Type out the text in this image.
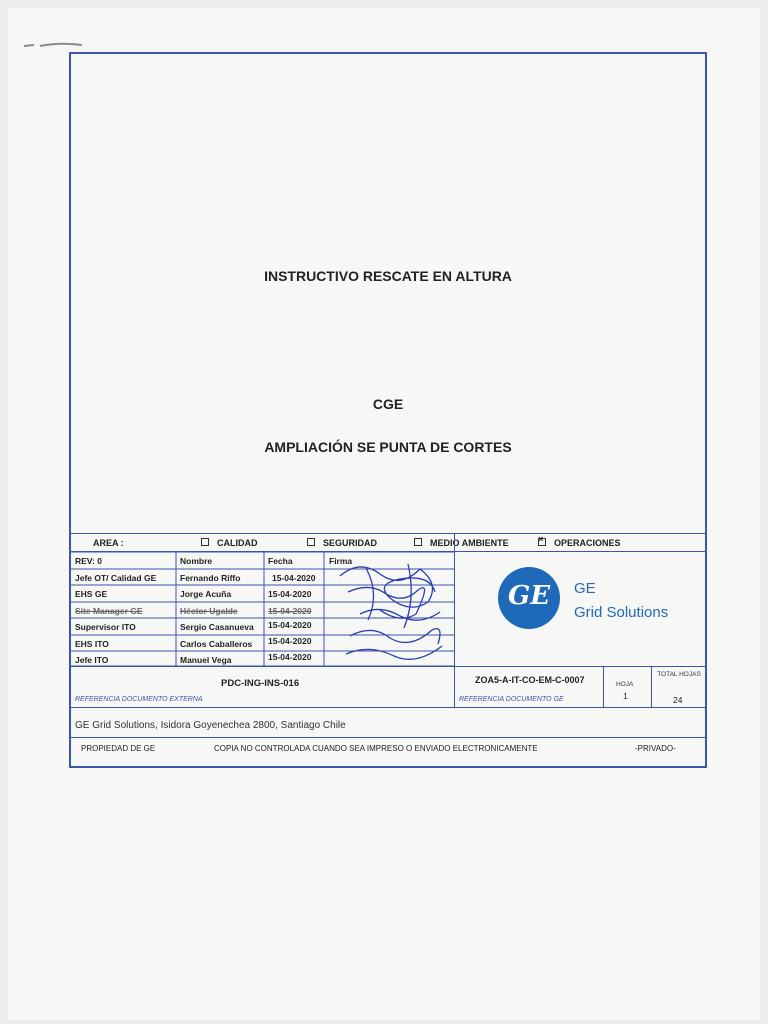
INSTRUCTIVO RESCATE EN ALTURA
CGE
AMPLIACIÓN SE PUNTA DE CORTES
AREA :	CALIDAD	SEGURIDAD	MEDIO AMBIENTE
×	OPERACIONES
REV: 0	Nombre	Fecha	Firma
Jefe OT/ Calidad GE	Fernando Riffo	15-04-2020
EHS GE	Jorge Acuña	15-04-2020
Site Manager GE	Héctor Ugalde	15-04-2020
Supervisor ITO	Sergio Casanueva 15-04-2020
EHS ITO	Carlos Caballeros 15-04-2020
Jefe ITO	Manuel Vega	15-04-2020
GE	GE
Grid Solutions
PDC-ING-INS-016
REFERENCIA DOCUMENTO EXTERNA
ZOA5-A-IT-CO-EM-C-0007
REFERENCIA DOCUMENTO GE
HOJA
1
TOTAL HOJAS
24
GE Grid Solutions, Isidora Goyenechea 2800, Santiago Chile
PROPIEDAD DE GE	COPIA NO CONTROLADA CUANDO SEA IMPRESO O ENVIADO ELECTRONICAMENTE	-PRIVADO-
